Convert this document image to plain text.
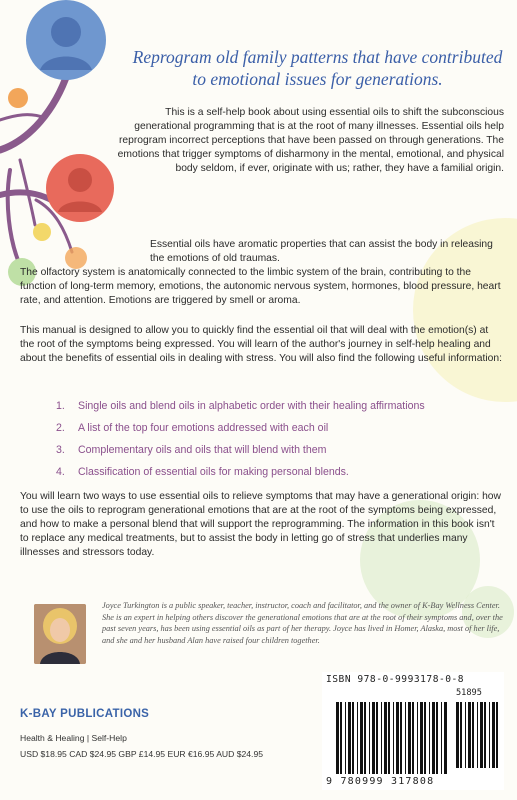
Reprogram old family patterns that have contributed to emotional issues for generations.

This is a self-help book about using essential oils to shift the subconscious generational programming that is at the root of many illnesses. Essential oils help reprogram incorrect perceptions that have been passed on through generations. The emotions that trigger symptoms of disharmony in the mental, emotional, and physical body seldom, if ever, originate with us; rather, they have a familial origin.

Essential oils have aromatic properties that can assist the body in releasing the emotions of old traumas.
The olfactory system is anatomically connected to the limbic system of the brain, contributing to the function of long-term memory, emotions, the autonomic nervous system, hormones, blood pressure, heart rate, and attention. Emotions are triggered by smell or aroma.

This manual is designed to allow you to quickly find the essential oil that will deal with the emotion(s) at the root of the symptoms being expressed. You will learn of the author's journey in self-help healing and about the benefits of essential oils in dealing with stress. You will also find the following useful information:

1. Single oils and blend oils in alphabetic order with their healing affirmations
2. A list of the top four emotions addressed with each oil
3. Complementary oils and oils that will blend with them
4. Classification of essential oils for making personal blends.

You will learn two ways to use essential oils to relieve symptoms that may have a generational origin: how to use the oils to reprogram generational emotions that are at the root of the symptoms being expressed, and how to make a personal blend that will support the reprogramming. The information in this book isn't to replace any medical treatments, but to assist the body in letting go of stress that underlies many illnesses and stressors today.

Joyce Turkington is a public speaker, teacher, instructor, coach and facilitator, and the owner of K-Bay Wellness Center. She is an expert in helping others discover the generational emotions that are at the root of their symptoms and, over the past seven years, has been using essential oils as part of her therapy. Joyce has lived in Homer, Alaska, most of her life, and she and her husband Alan have raised four children together.

K-BAY PUBLICATIONS

Health & Healing | Self-Help

USD $18.95 CAD $24.95 GBP £14.95 EUR €16.95 AUD $24.95

ISBN 978-0-9993178-0-8

51895

9 780999 317808
